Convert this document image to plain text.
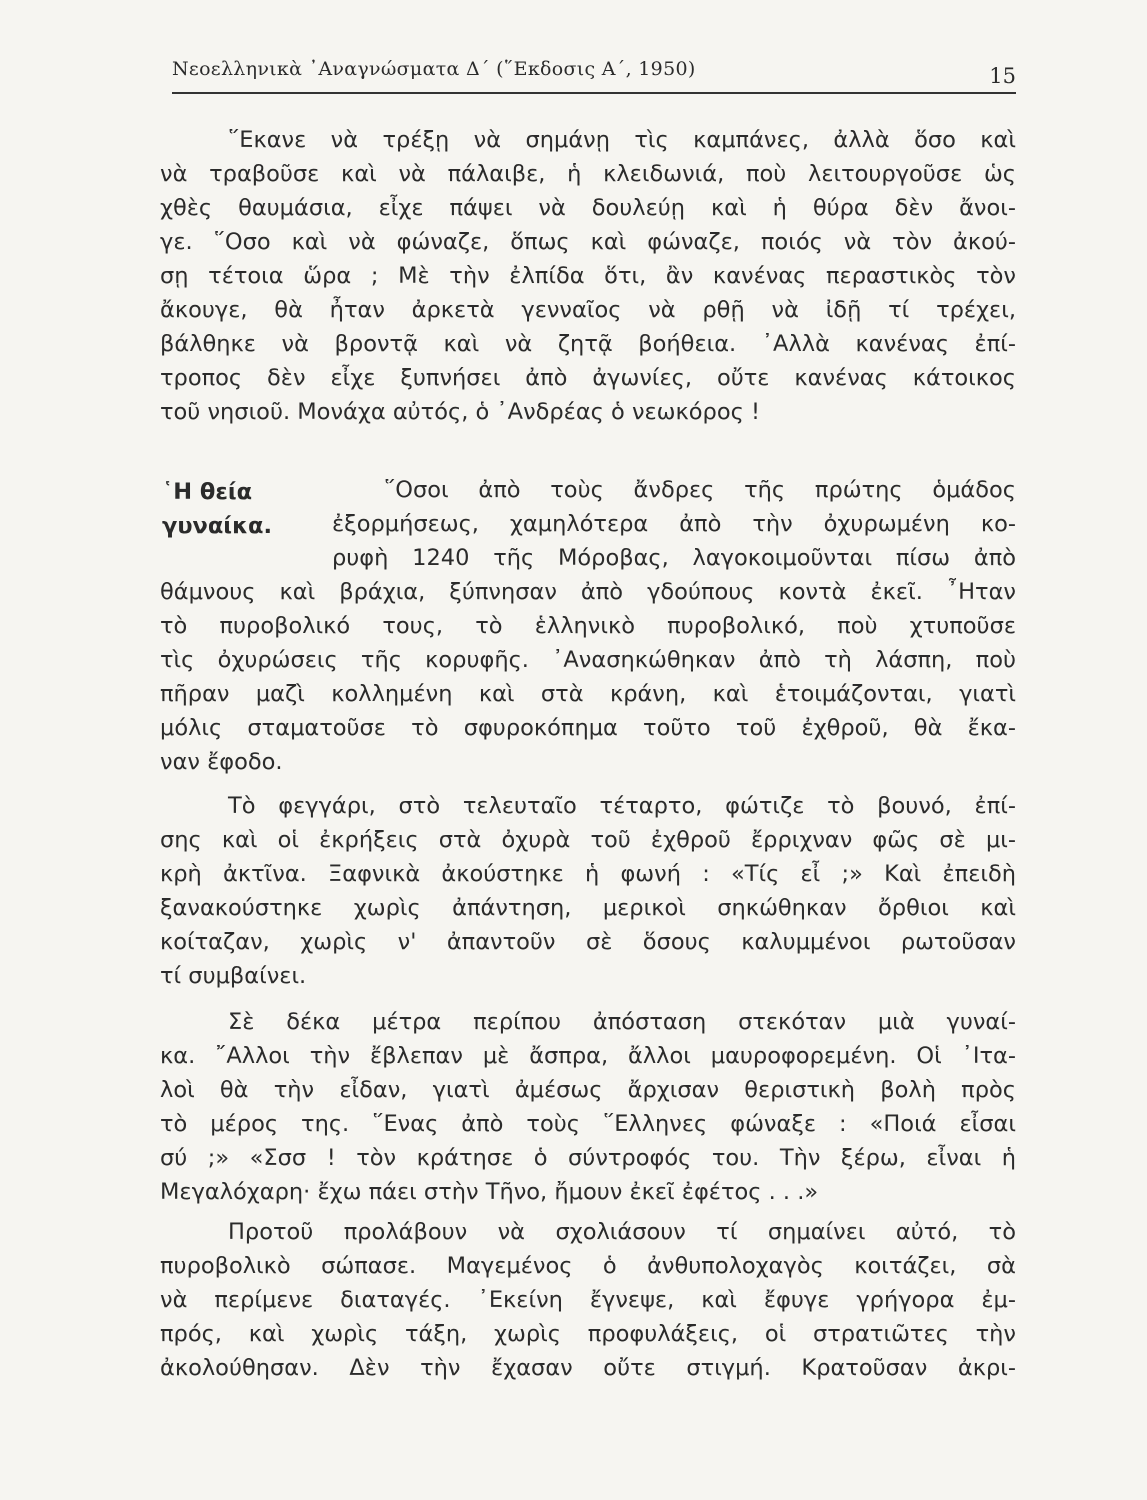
Νεοελληνικὰ ᾿Αναγνώσματα Δ΄ (῞Εκδοσις Α΄, 1950)	15
῞Εκανε νὰ τρέξῃ νὰ σημάνῃ τὶς καμπάνες, ἀλλὰ ὅσο καὶ
νὰ τραβοῦσε καὶ νὰ πάλαιβε, ἡ κλειδωνιά, ποὺ λειτουργοῦσε ὡς
χθὲς θαυμάσια, εἶχε πάψει νὰ δουλεύῃ καὶ ἡ θύρα δὲν ἄνοι-
γε. ῞Οσο καὶ νὰ φώναζε, ὅπως καὶ φώναζε, ποιός νὰ τὸν ἀκού-
σῃ τέτοια ὥρα ; Μὲ τὴν ἐλπίδα ὅτι, ἂν κανένας περαστικὸς τὸν
ἄκουγε, θὰ ἦταν ἀρκετὰ γενναῖος νὰ ρθῇ νὰ ἰδῇ τί τρέχει,
βάλθηκε νὰ βροντᾷ καὶ νὰ ζητᾷ βοήθεια. ᾿Αλλὰ κανένας ἐπί-
τροπος δὲν εἶχε ξυπνήσει ἀπὸ ἀγωνίες, οὔτε κανένας κάτοικος
τοῦ νησιοῦ. Μονάχα αὐτός, ὁ ᾿Ανδρέας ὁ νεωκόρος !
῾Η θεία
γυναίκα.
῞Οσοι ἀπὸ τοὺς ἄνδρες τῆς πρώτης ὁμάδος
ἐξορμήσεως, χαμηλότερα ἀπὸ τὴν ὀχυρωμένη κο-
ρυφὴ 1240 τῆς Μόροβας, λαγοκοιμοῦνται πίσω ἀπὸ
θάμνους καὶ βράχια, ξύπνησαν ἀπὸ γδούπους κοντὰ ἐκεῖ. ῏Ηταν
τὸ πυροβολικό τους, τὸ ἑλληνικὸ πυροβολικό, ποὺ χτυποῦσε
τὶς ὀχυρώσεις τῆς κορυφῆς. ᾿Ανασηκώθηκαν ἀπὸ τὴ λάσπη, ποὺ
πῆραν μαζὶ κολλημένη καὶ στὰ κράνη, καὶ ἑτοιμάζονται, γιατὶ
μόλις σταματοῦσε τὸ σφυροκόπημα τοῦτο τοῦ ἐχθροῦ, θὰ ἔκα-
ναν ἔφοδο.
Τὸ φεγγάρι, στὸ τελευταῖο τέταρτο, φώτιζε τὸ βουνό, ἐπί-
σης καὶ οἱ ἐκρήξεις στὰ ὀχυρὰ τοῦ ἐχθροῦ ἔρριχναν φῶς σὲ μι-
κρὴ ἀκτῖνα. Ξαφνικὰ ἀκούστηκε ἡ φωνή : «Τίς εἶ ;» Καὶ ἐπειδὴ
ξανακούστηκε χωρὶς ἀπάντηση, μερικοὶ σηκώθηκαν ὄρθιοι καὶ
κοίταζαν, χωρὶς ν' ἀπαντοῦν σὲ ὅσους καλυμμένοι ρωτοῦσαν
τί συμβαίνει.
Σὲ δέκα μέτρα περίπου ἀπόσταση στεκόταν μιὰ γυναί-
κα. ῎Αλλοι τὴν ἔβλεπαν μὲ ἄσπρα, ἄλλοι μαυροφορεμένη. Οἱ ᾿Ιτα-
λοὶ θὰ τὴν εἶδαν, γιατὶ ἀμέσως ἄρχισαν θεριστικὴ βολὴ πρὸς
τὸ μέρος της. ῞Ενας ἀπὸ τοὺς ῞Ελληνες φώναξε : «Ποιά εἶσαι
σύ ;» «Σσσ ! τὸν κράτησε ὁ σύντροφός του. Τὴν ξέρω, εἶναι ἡ
Μεγαλόχαρη· ἔχω πάει στὴν Τῆνο, ἤμουν ἐκεῖ ἐφέτος . . .»
Προτοῦ προλάβουν νὰ σχολιάσουν τί σημαίνει αὐτό, τὸ
πυροβολικὸ σώπασε. Μαγεμένος ὁ ἀνθυπολοχαγὸς κοιτάζει, σὰ
νὰ περίμενε διαταγές. ᾿Εκείνη ἔγνεψε, καὶ ἔφυγε γρήγορα ἐμ-
πρός, καὶ χωρὶς τάξη, χωρὶς προφυλάξεις, οἱ στρατιῶτες τὴν
ἀκολούθησαν. Δὲν τὴν ἔχασαν οὔτε στιγμή. Κρατοῦσαν ἀκρι-
